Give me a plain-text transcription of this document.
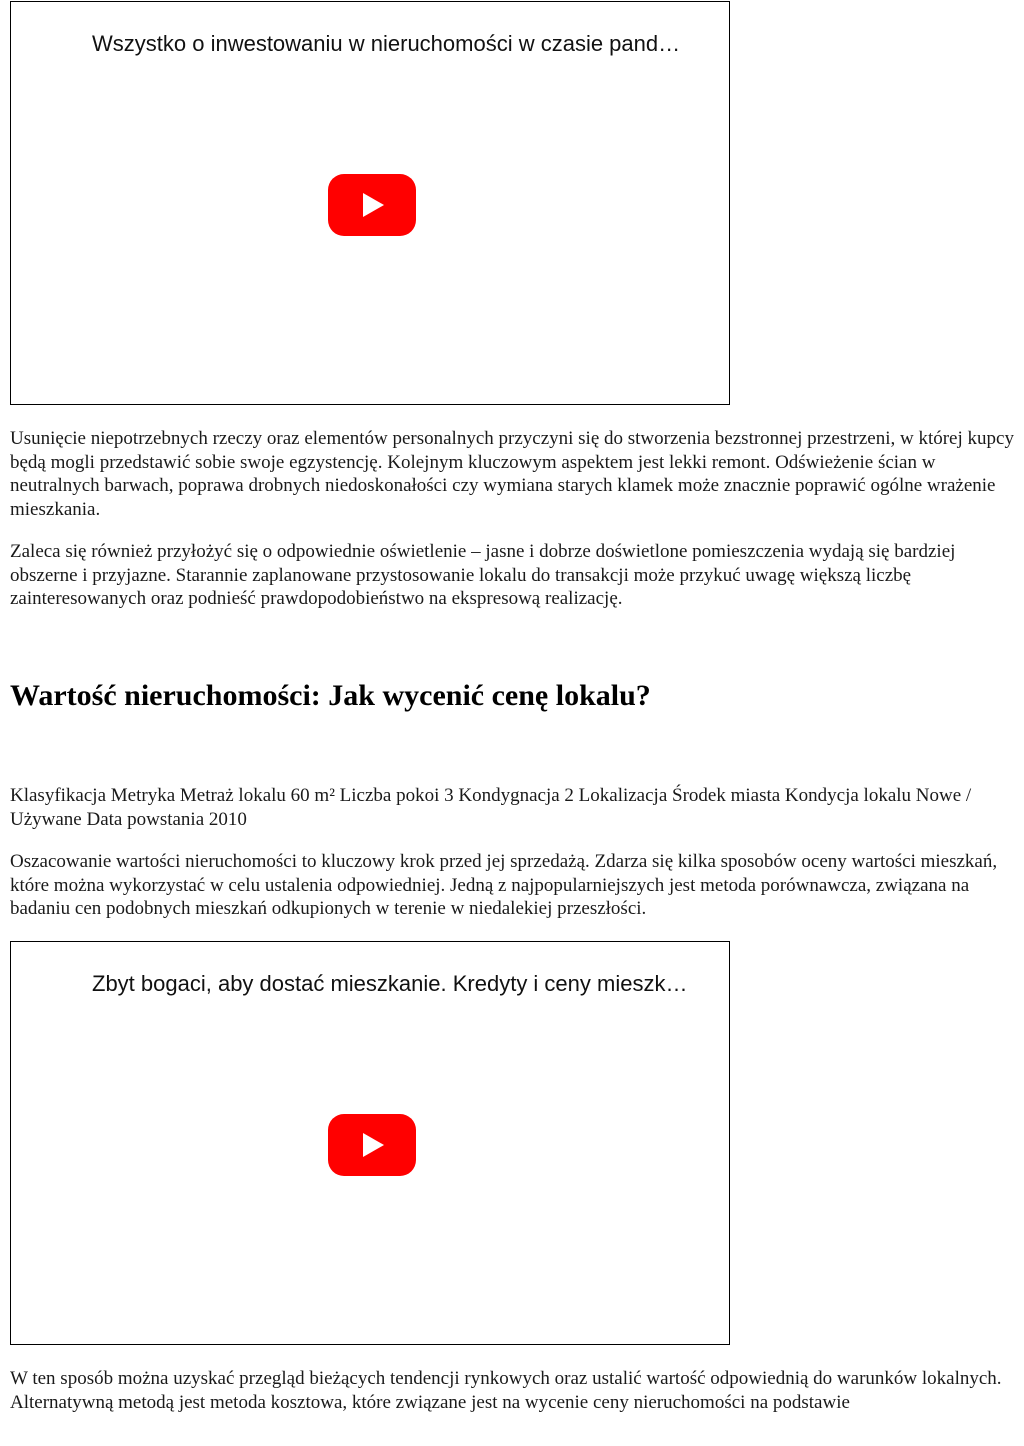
Wszystko o inwestowaniu w nieruchomości w czasie pand…

Usunięcie niepotrzebnych rzeczy oraz elementów personalnych przyczyni się do stworzenia bezstronnej przestrzeni, w której kupcy będą mogli przedstawić sobie swoje egzystencję. Kolejnym kluczowym aspektem jest lekki remont. Odświeżenie ścian w neutralnych barwach, poprawa drobnych niedoskonałości czy wymiana starych klamek może znacznie poprawić ogólne wrażenie mieszkania.

Zaleca się również przyłożyć się o odpowiednie oświetlenie – jasne i dobrze doświetlone pomieszczenia wydają się bardziej obszerne i przyjazne. Starannie zaplanowane przystosowanie lokalu do transakcji może przykuć uwagę większą liczbę zainteresowanych oraz podnieść prawdopodobieństwo na ekspresową realizację.

Wartość nieruchomości: Jak wycenić cenę lokalu?

Klasyfikacja Metryka Metraż lokalu 60 m² Liczba pokoi 3 Kondygnacja 2 Lokalizacja Środek miasta Kondycja lokalu Nowe / Używane Data powstania 2010

Oszacowanie wartości nieruchomości to kluczowy krok przed jej sprzedażą. Zdarza się kilka sposobów oceny wartości mieszkań, które można wykorzystać w celu ustalenia odpowiedniej. Jedną z najpopularniejszych jest metoda porównawcza, związana na badaniu cen podobnych mieszkań odkupionych w terenie w niedalekiej przeszłości.

Zbyt bogaci, aby dostać mieszkanie. Kredyty i ceny mieszk…

W ten sposób można uzyskać przegląd bieżących tendencji rynkowych oraz ustalić wartość odpowiednią do warunków lokalnych. Alternatywną metodą jest metoda kosztowa, które związane jest na wycenie ceny nieruchomości na podstawie
